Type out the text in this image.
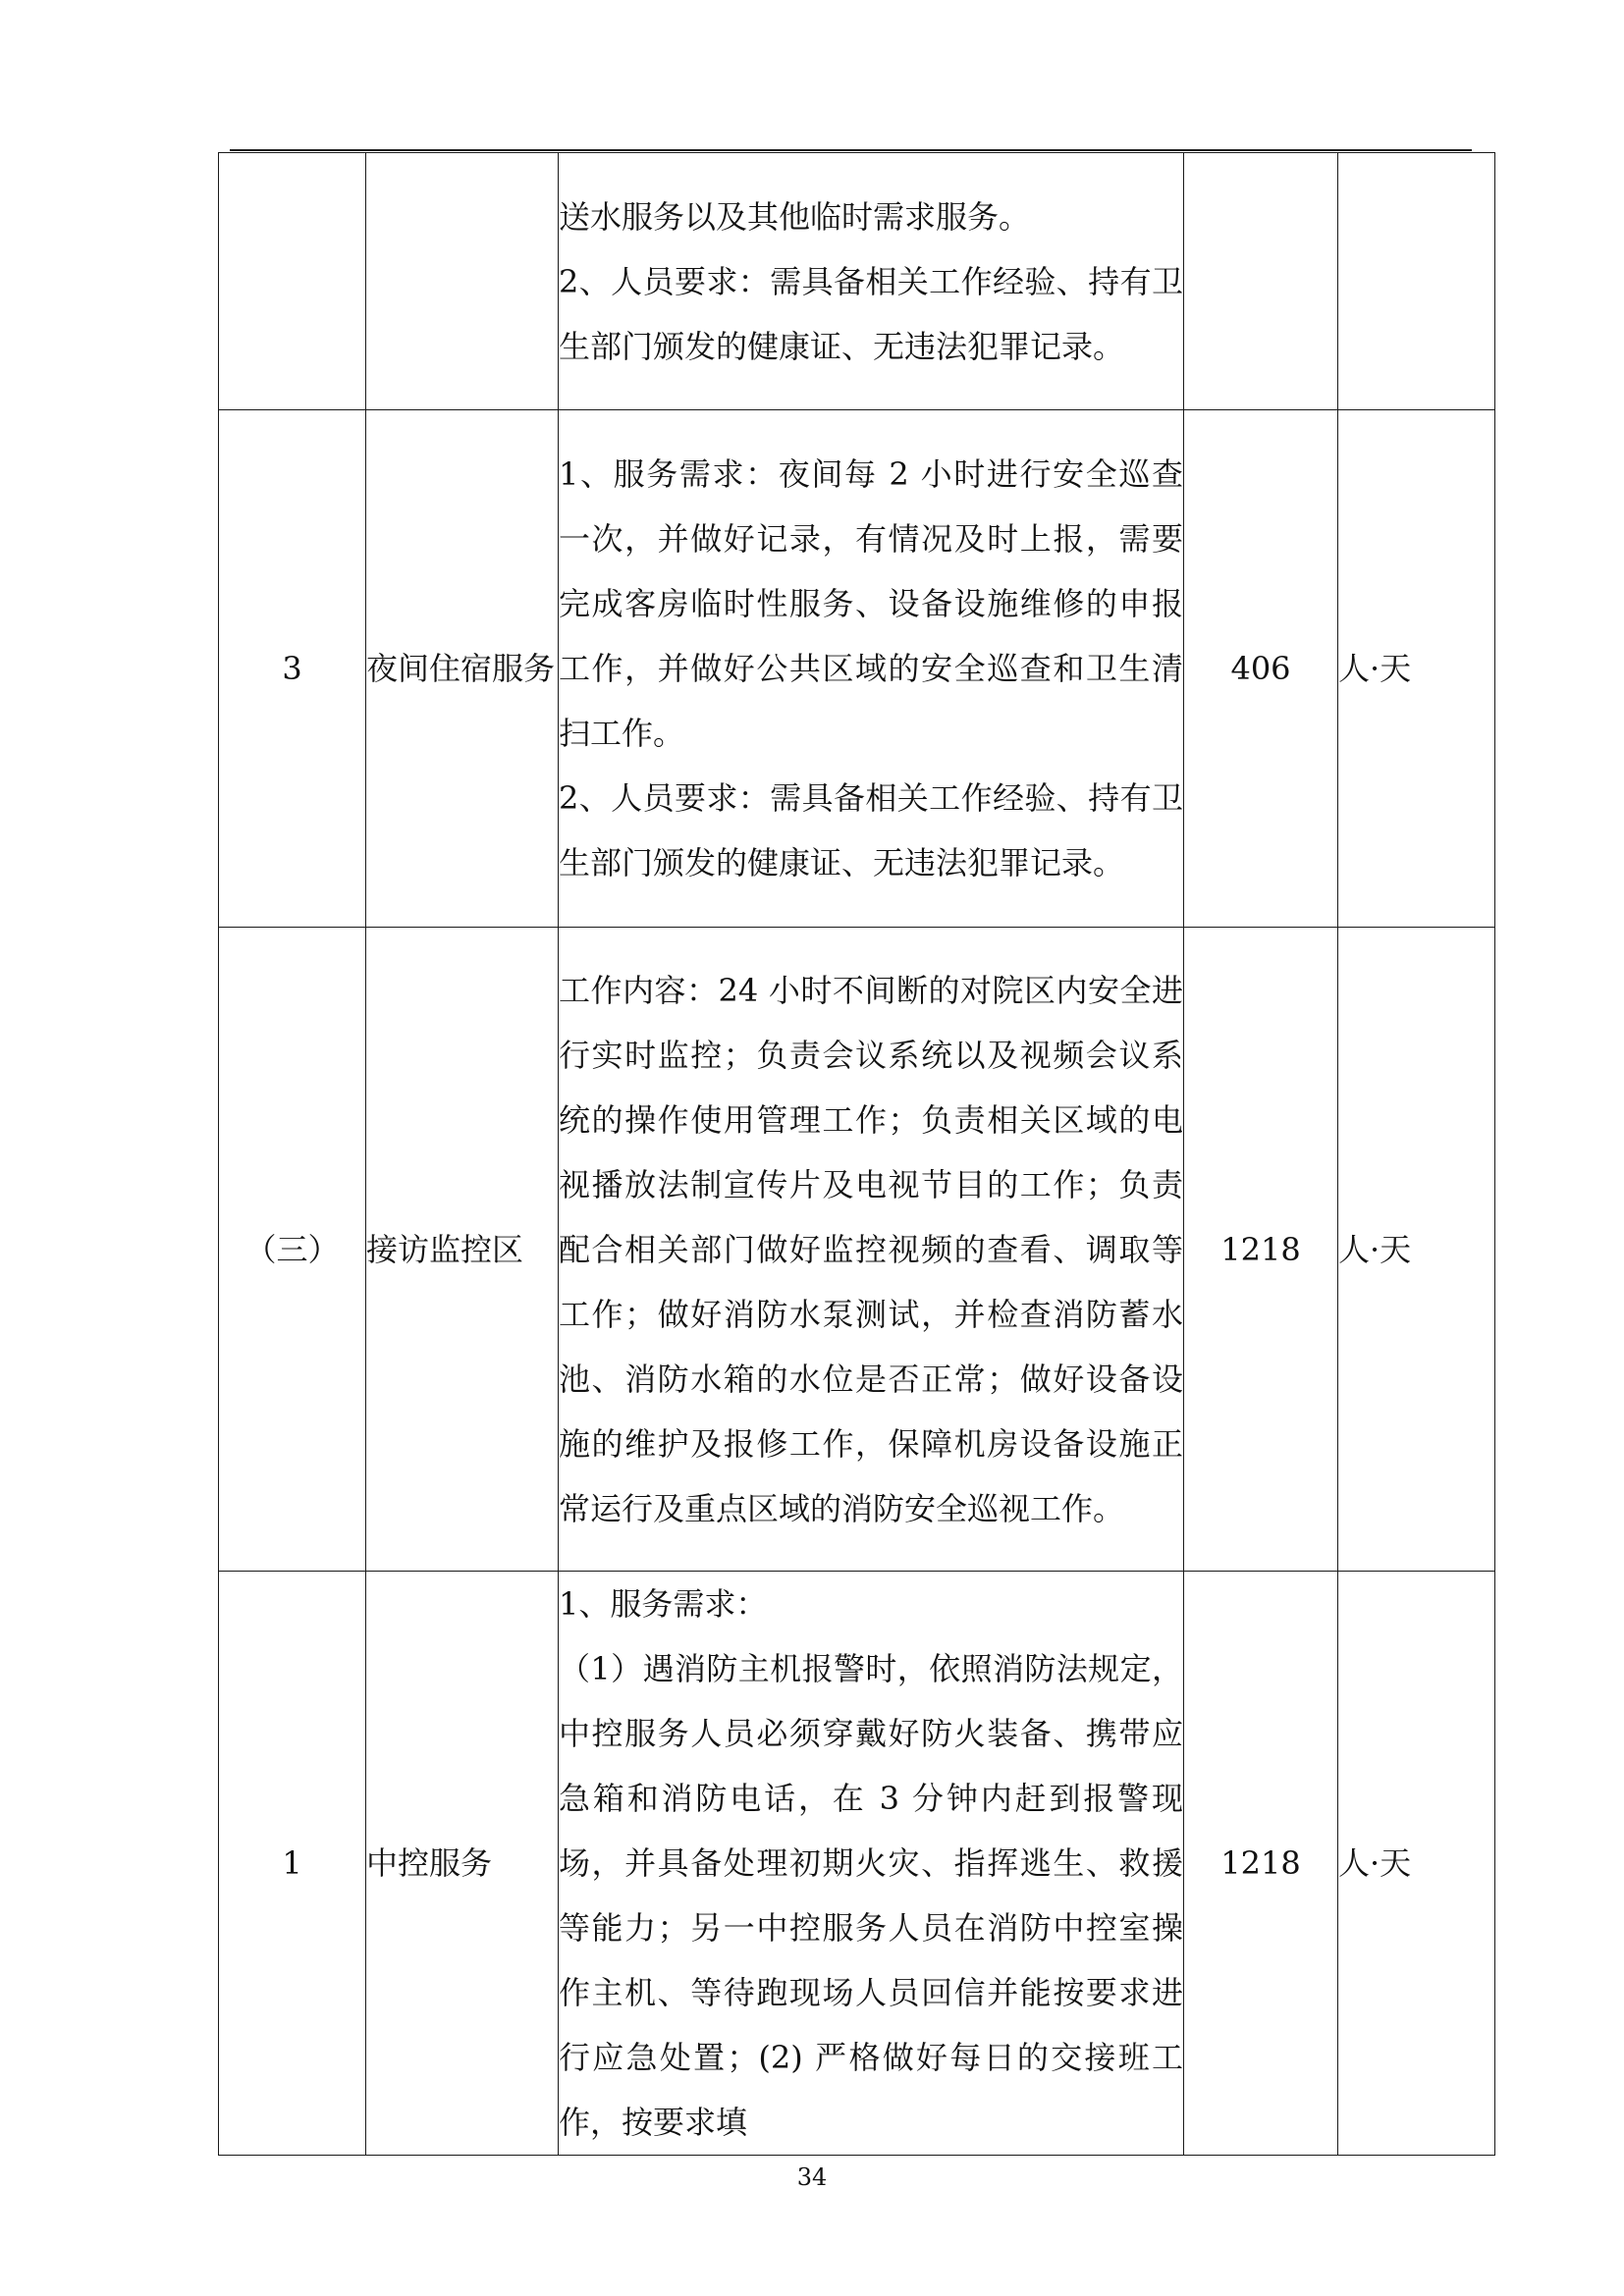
		送水服务以及其他临时需求服务。
2、人员要求：需具备相关工作经验、持有卫生部门颁发的健康证、无违法犯罪记录。		

3	夜间住宿服务	1、服务需求：夜间每 2 小时进行安全巡查一次，并做好记录，有情况及时上报，需要完成客房临时性服务、设备设施维修的申报工作，并做好公共区域的安全巡查和卫生清扫工作。
2、人员要求：需具备相关工作经验、持有卫生部门颁发的健康证、无违法犯罪记录。	406	人·天

（三）	接访监控区	工作内容：24 小时不间断的对院区内安全进行实时监控；负责会议系统以及视频会议系统的操作使用管理工作；负责相关区域的电视播放法制宣传片及电视节目的工作；负责配合相关部门做好监控视频的查看、调取等工作；做好消防水泵测试，并检查消防蓄水池、消防水箱的水位是否正常；做好设备设施的维护及报修工作，保障机房设备设施正常运行及重点区域的消防安全巡视工作。	1218	人·天

1	中控服务	1、服务需求：
（1）遇消防主机报警时，依照消防法规定，中控服务人员必须穿戴好防火装备、携带应急箱和消防电话，在 3 分钟内赶到报警现场，并具备处理初期火灾、指挥逃生、救援等能力；另一中控服务人员在消防中控室操作主机、等待跑现场人员回信并能按要求进行应急处置；(2) 严格做好每日的交接班工作，按要求填	1218	人·天
34
